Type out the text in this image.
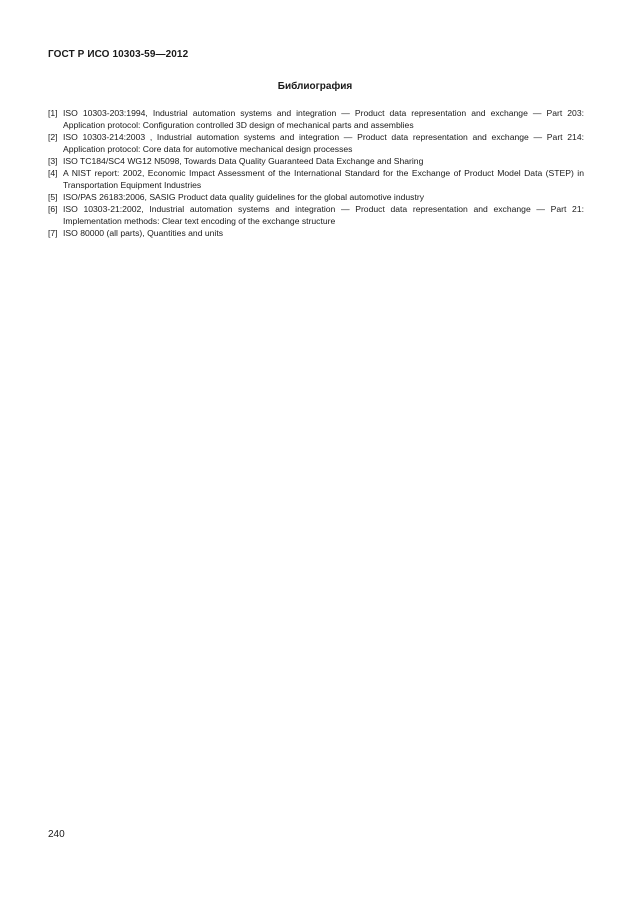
ГОСТ Р ИСО 10303-59—2012
Библиография
[1] ISO 10303-203:1994, Industrial automation systems and integration — Product data representation and exchange — Part 203: Application protocol: Configuration controlled 3D design of mechanical parts and assemblies
[2] ISO 10303-214:2003 , Industrial automation systems and integration — Product data representation and exchange — Part 214: Application protocol: Core data for automotive mechanical design processes
[3] ISO TC184/SC4 WG12 N5098, Towards Data Quality Guaranteed Data Exchange and Sharing
[4] A NIST report: 2002, Economic Impact Assessment of the International Standard for the Exchange of Product Model Data (STEP) in Transportation Equipment Industries
[5] ISO/PAS 26183:2006, SASIG Product data quality guidelines for the global automotive industry
[6] ISO 10303-21:2002, Industrial automation systems and integration — Product data representation and exchange — Part 21: Implementation methods: Clear text encoding of the exchange structure
[7] ISO 80000 (all parts), Quantities and units
240
